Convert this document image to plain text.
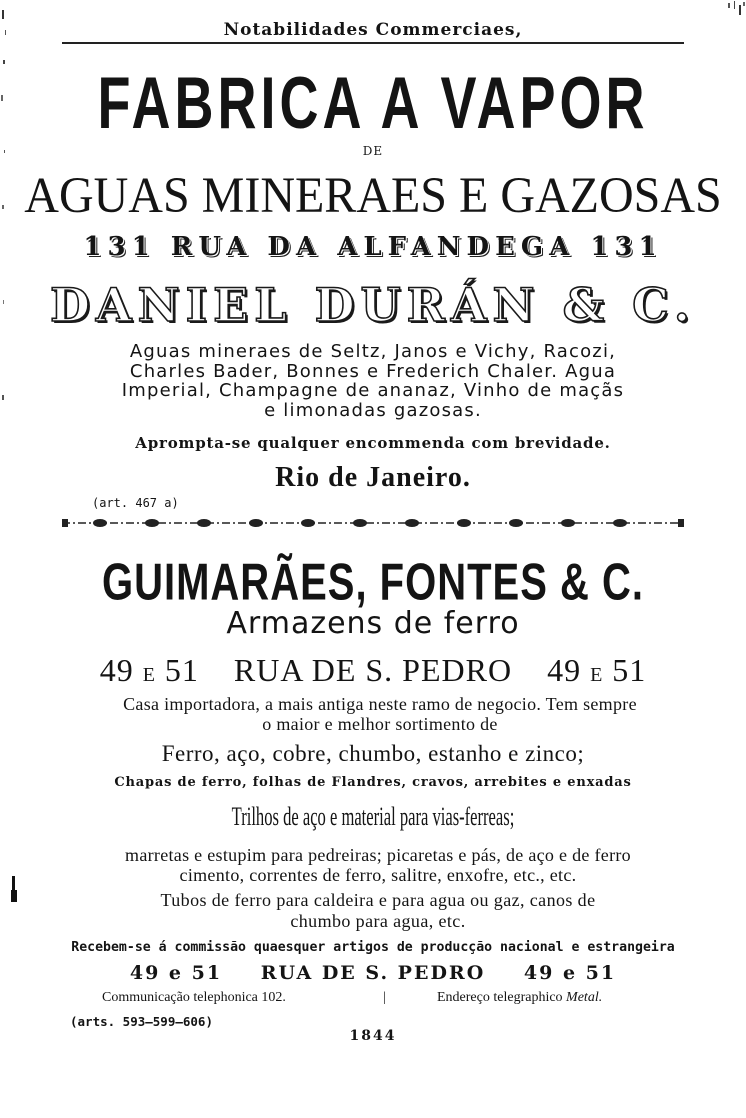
Notabilidades Commerciaes,
FABRICA A VAPOR
DE
AGUAS MINERAES E GAZOSAS
131 RUA DA ALFANDEGA 131
DANIEL DURÁN & C.
Aguas mineraes de Seltz, Janos e Vichy, Racozi,
Charles Bader, Bonnes e Frederich Chaler. Agua
Imperial, Champagne de ananaz, Vinho de maçãs
e limonadas gazosas.
Apromptа-se qualquer encommenda com brevidade.
Rio de Janeiro.
(art. 467 a)
GUIMARÃES, FONTES & C.
Armazens de ferro
49 E 51 RUA DE S. PEDRO 49 E 51
Casa importadora, a mais antiga neste ramo de negocio. Tem sempre
o maior e melhor sortimento de
Ferro, aço, cobre, chumbo, estanho e zinco;
Chapas de ferro, folhas de Flandres, cravos, arrebites e enxadas
Trilhos de aço e material para vias-ferreas;
marretas e estupim para pedreiras; picaretas e pás, de aço e de ferro
cimento, correntes de ferro, salitre, enxofre, etc., etc.
Tubos de ferro para caldeira e para agua ou gaz, canos de
chumbo para agua, etc.
Recebem-se á commissão quaesquer artigos de producção nacional e estrangeira
49 e 51 RUA DE S. PEDRO 49 e 51
Communicação telephonica 102.	|	Endereço telegraphico Metal.
(arts. 593—599—606)
1844
